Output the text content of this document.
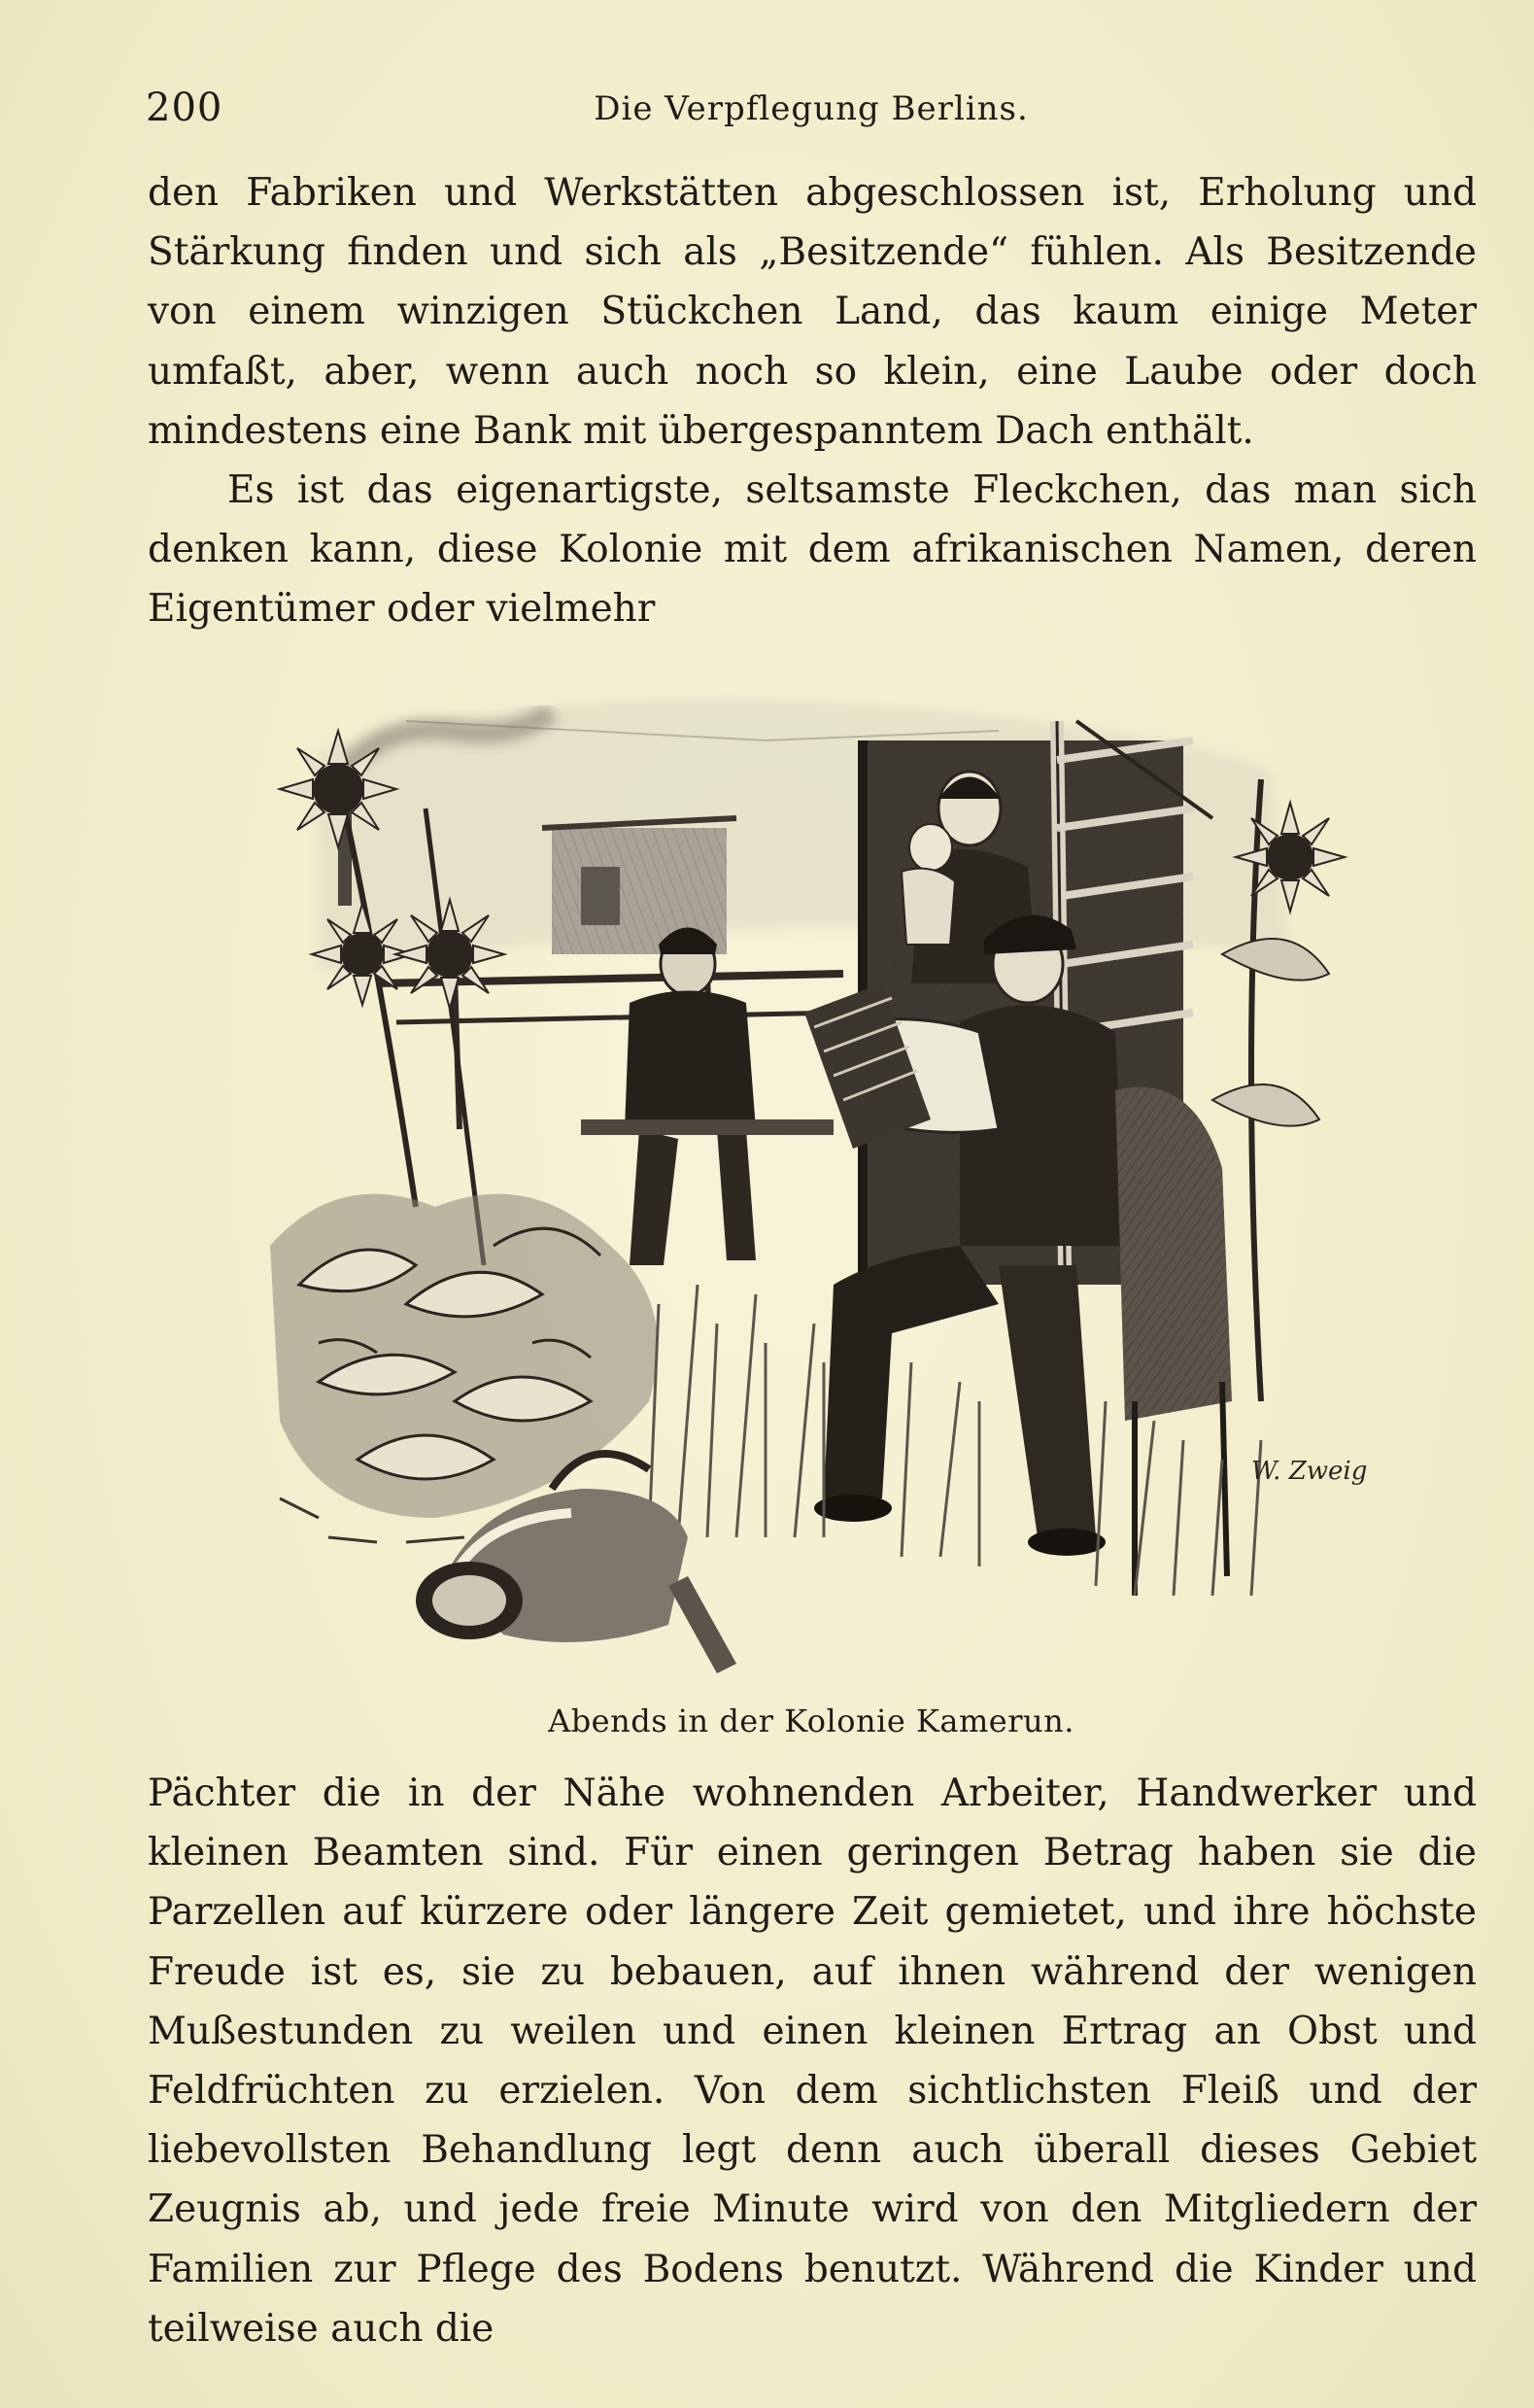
200	Die Verpflegung Berlins.

den Fabriken und Werkstätten abgeschlossen ist, Erholung und Stärkung finden und sich als „Besitzende“ fühlen. Als Besitzende von einem winzigen Stückchen Land, das kaum einige Meter umfaßt, aber, wenn auch noch so klein, eine Laube oder doch mindestens eine Bank mit übergespanntem Dach enthält.

Es ist das eigenartigste, seltsamste Fleckchen, das man sich denken kann, diese Kolonie mit dem afrikanischen Namen, deren Eigentümer oder vielmehr

W. Zweig
Abends in der Kolonie Kamerun.

Pächter die in der Nähe wohnenden Arbeiter, Handwerker und kleinen Beamten sind. Für einen geringen Betrag haben sie die Parzellen auf kürzere oder längere Zeit gemietet, und ihre höchste Freude ist es, sie zu bebauen, auf ihnen während der wenigen Mußestunden zu weilen und einen kleinen Ertrag an Obst und Feldfrüchten zu erzielen. Von dem sichtlichsten Fleiß und der liebevollsten Behandlung legt denn auch überall dieses Gebiet Zeugnis ab, und jede freie Minute wird von den Mitgliedern der Familien zur Pflege des Bodens benutzt. Während die Kinder und teilweise auch die
